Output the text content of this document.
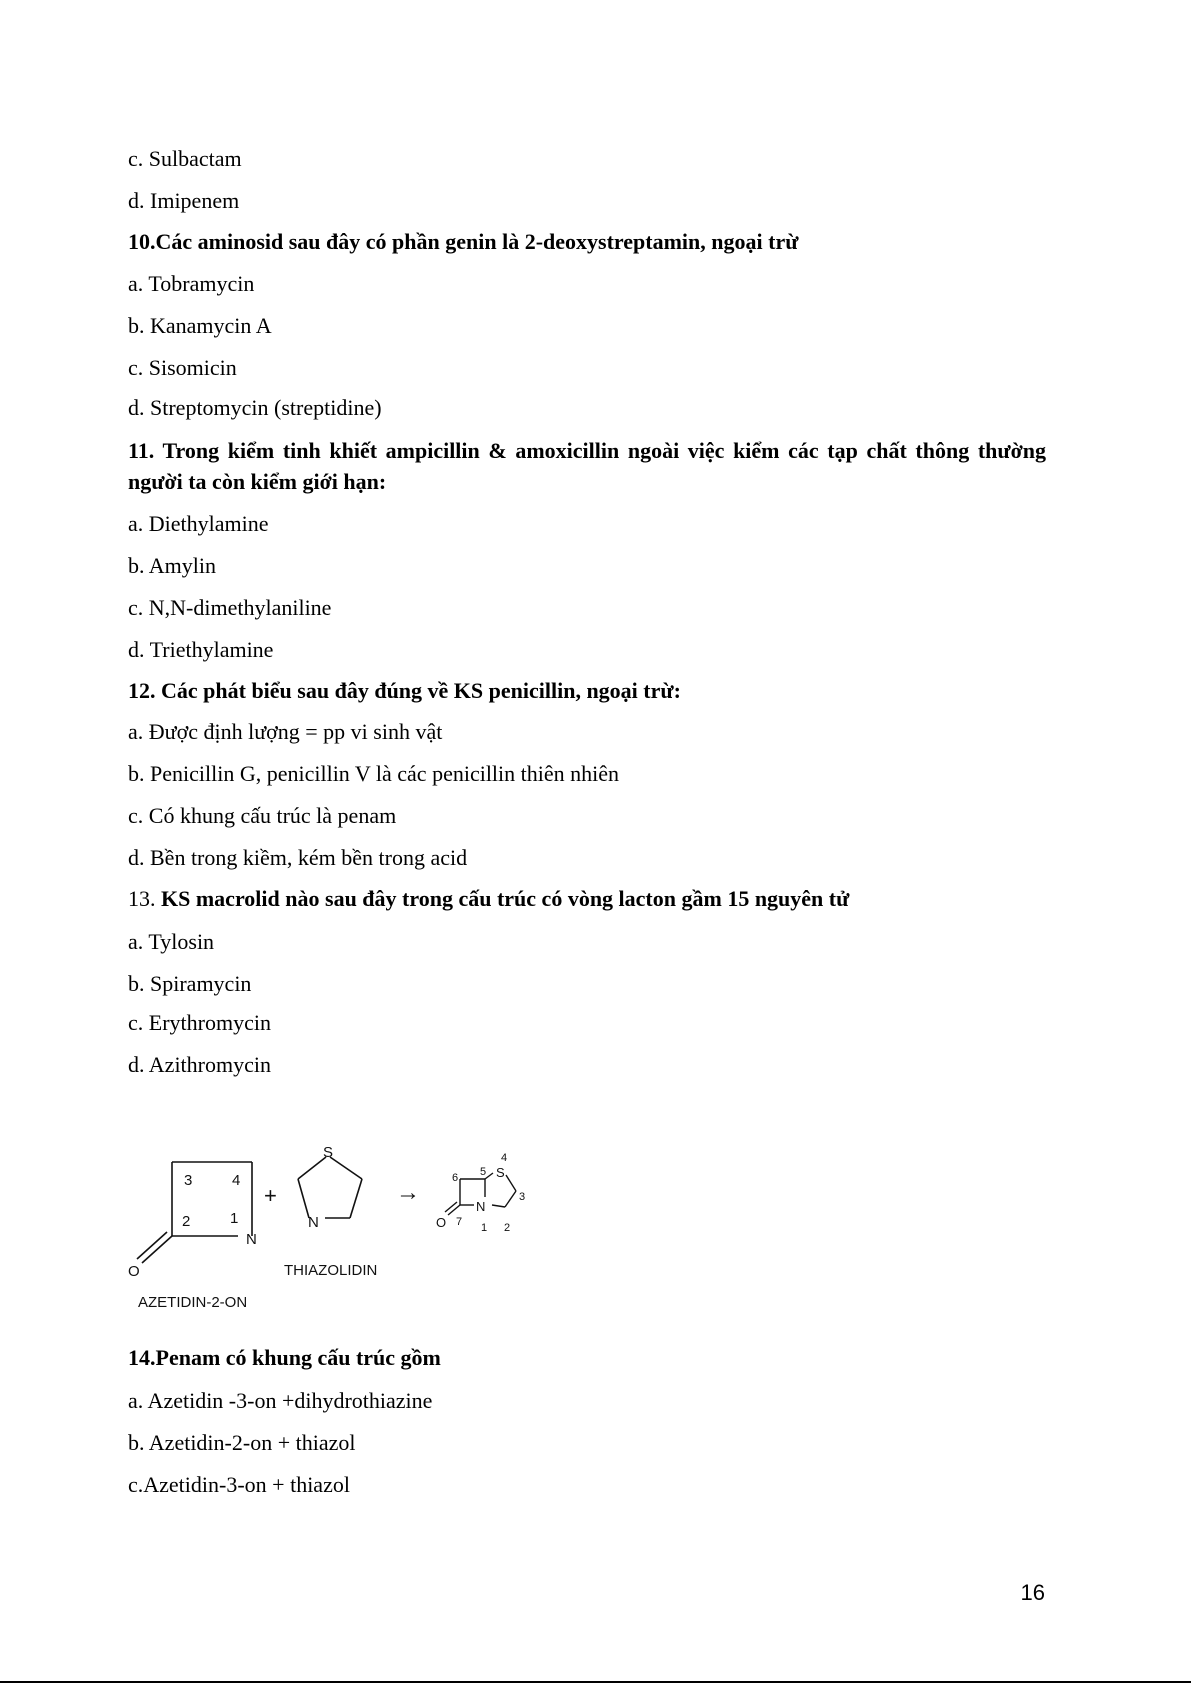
c. Sulbactam
d. Imipenem
10.Các aminosid sau đây có phần genin là 2-deoxystreptamin, ngoại trừ
a. Tobramycin
b. Kanamycin A
c. Sisomicin
d. Streptomycin (streptidine)
11. Trong kiểm tinh khiết ampicillin & amoxicillin ngoài việc kiểm các tạp chất thông thường người ta còn kiểm giới hạn:
a. Diethylamine
b. Amylin
c. N,N-dimethylaniline
d. Triethylamine
12. Các phát biểu sau đây đúng về KS penicillin, ngoại trừ:
a. Được định lượng = pp vi sinh vật
b. Penicillin G, penicillin V là các penicillin thiên nhiên
c. Có khung cấu trúc là penam
d. Bền trong kiềm, kém bền trong acid
13. KS macrolid nào sau đây trong cấu trúc có vòng lacton gầm 15 nguyên tử
a. Tylosin
b. Spiramycin
c. Erythromycin
d. Azithromycin
3	4
2	1
N
O
AZETIDIN-2-ON
+
S
N
THIAZOLIDIN
→
S
N
O
4
5
6
7
3
1 2
14.Penam có khung cấu trúc gồm
a. Azetidin -3-on +dihydrothiazine
b. Azetidin-2-on + thiazol
c.Azetidin-3-on + thiazol
16
